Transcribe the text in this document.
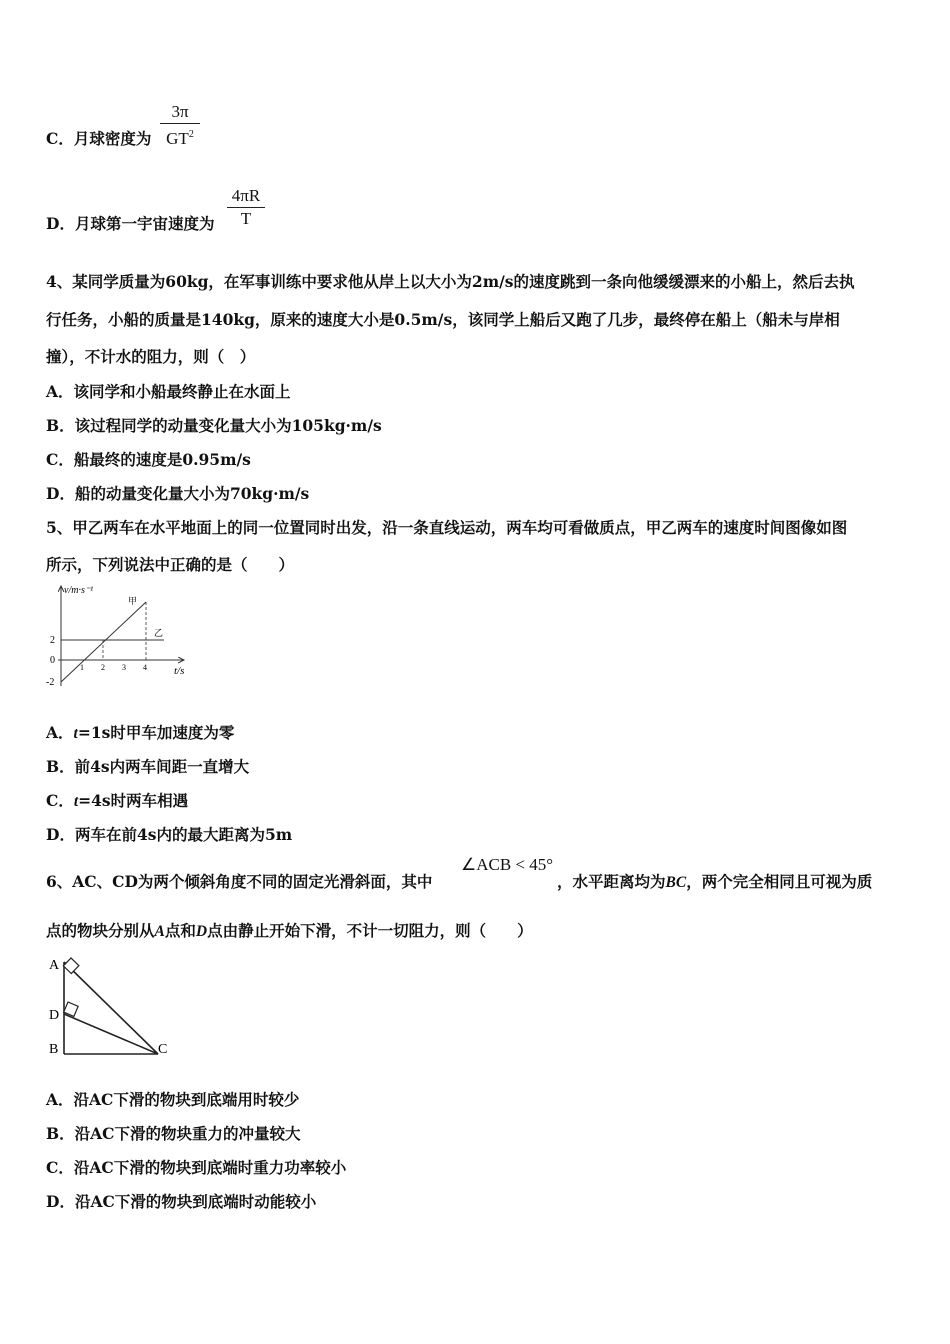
C．月球密度为
3π
$GT^2$
D．月球第一宇宙速度为
4πR
T
4、某同学质量为60kg，在军事训练中要求他从岸上以大小为2m/s的速度跳到一条向他缓缓漂来的小船上，然后去执
行任务，小船的质量是140kg，原来的速度大小是0.5m/s，该同学上船后又跑了几步，最终停在船上（船未与岸相
撞），不计水的阻力，则（　）
A．该同学和小船最终静止在水面上
B．该过程同学的动量变化量大小为105kg·m/s
C．船最终的速度是0.95m/s
D．船的动量变化量大小为70kg·m/s
5、甲乙两车在水平地面上的同一位置同时出发，沿一条直线运动，两车均可看做质点，甲乙两车的速度时间图像如图
所示，下列说法中正确的是（　　）
v/m·s⁻¹
t/s
甲
乙
2
0
-2
1 2 3 4
A．t=1s时甲车加速度为零
B．前4s内两车间距一直增大
C．t=4s时两车相遇
D．两车在前4s内的最大距离为5m
6、AC、CD为两个倾斜角度不同的固定光滑斜面，其中
∠ACB < 45°
，水平距离均为BC，两个完全相同且可视为质
点的物块分别从A点和D点由静止开始下滑，不计一切阻力，则（　　）
A
D
B	C
A．沿AC下滑的物块到底端用时较少
B．沿AC下滑的物块重力的冲量较大
C．沿AC下滑的物块到底端时重力功率较小
D．沿AC下滑的物块到底端时动能较小
